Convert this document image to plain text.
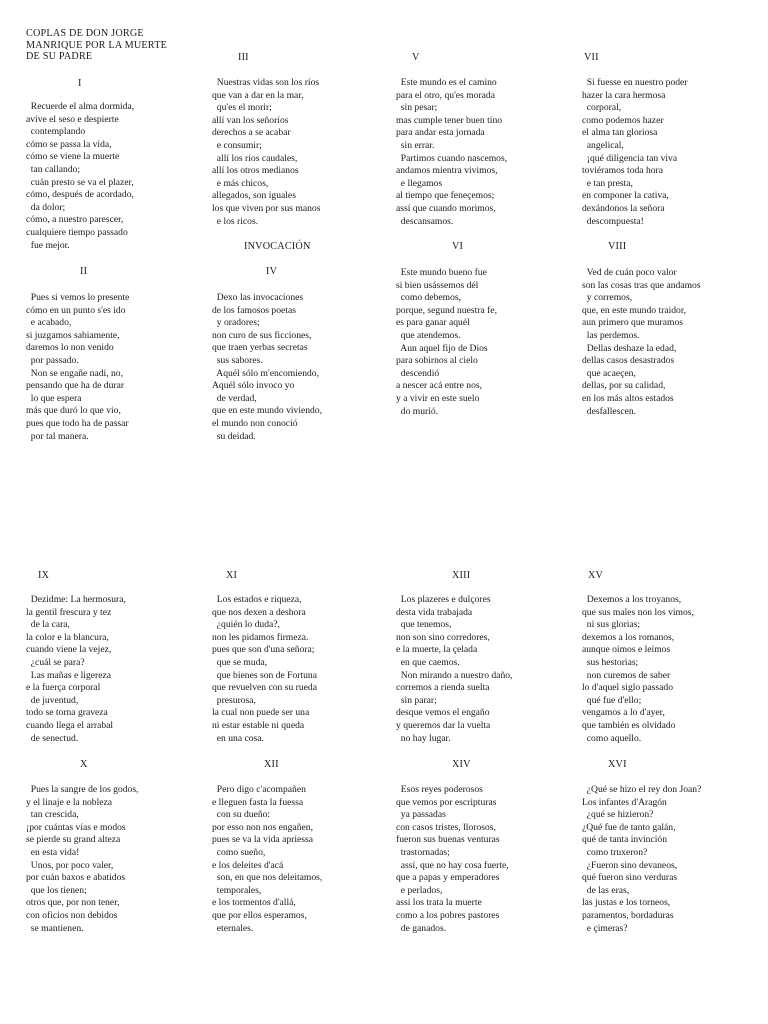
COPLAS DE DON JORGE
MANRIQUE POR LA MUERTE
DE SU PADRE
I
Recuerde el alma dormida,
avive el seso e despierte
contemplando
cómo se passa la vida,
cómo se viene la muerte
tan callando;
cuán presto se va el plazer,
cómo, después de acordado,
da dolor;
cómo, a nuestro parescer,
cualquiere tiempo passado
fue mejor.
II
Pues si vemos lo presente
cómo en un punto s'es ido
e acabado,
si juzgamos sabiamente,
daremos lo non venido
por passado.
Non se engañe nadi, no,
pensando que ha de durar
lo que espera
más que duró lo que vio,
pues que todo ha de passar
por tal manera.
III
Nuestras vidas son los ríos
que van a dar en la mar,
qu'es el morir;
allí van los señoríos
derechos a se acabar
e consumir;
allí los ríos caudales,
allí los otros medianos
e más chicos,
allegados, son iguales
los que viven por sus manos
e los ricos.
INVOCACIÓN
IV
Dexo las invocaciones
de los famosos poetas
y oradores;
non curo de sus ficciones,
que traen yerbas secretas
sus sabores.
Aquél sólo m'encomiendo,
Aquél sólo invoco yo
de verdad,
que en este mundo viviendo,
el mundo non conoció
su deidad.
V
Este mundo es el camino
para el otro, qu'es morada
sin pesar;
mas cumple tener buen tino
para andar esta jornada
sin errar.
Partimos cuando nascemos,
andamos mientra vivimos,
e llegamos
al tiempo que feneçemos;
assí que cuando morimos,
descansamos.
VI
Este mundo bueno fue
si bien usássemos dél
como debemos,
porque, segund nuestra fe,
es para ganar aquél
que atendemos.
Aun aquel fijo de Dios
para sobirnos al cielo
descendió
a nescer acá entre nos,
y a vivir en este suelo
do murió.
VII
Si fuesse en nuestro poder
hazer la cara hermosa
corporal,
como podemos hazer
el alma tan gloriosa
angelical,
¡qué diligencia tan viva
toviéramos toda hora
e tan presta,
en componer la cativa,
dexándonos la señora
descompuesta!
VIII
Ved de cuán poco valor
son las cosas tras que andamos
y corremos,
que, en este mundo traidor,
aun primero que muramos
las perdemos.
Dellas deshaze la edad,
dellas casos desastrados
que acaeçen,
dellas, por su calidad,
en los más altos estados
desfallescen.
IX
Dezidme: La hermosura,
la gentil frescura y tez
de la cara,
la color e la blancura,
cuando viene la vejez,
¿cuál se para?
Las mañas e ligereza
e la fuerça corporal
de juventud,
todo se torna graveza
cuando llega el arrabal
de senectud.
X
Pues la sangre de los godos,
y el linaje e la nobleza
tan crescida,
¡por cuántas vías e modos
se pierde su grand alteza
en esta vida!
Unos, por poco valer,
por cuán baxos e abatidos
que los tienen;
otros que, por non tener,
con oficios non debidos
se mantienen.
XI
Los estados e riqueza,
que nos dexen a deshora
¿quién lo duda?,
non les pidamos firmeza.
pues que son d'una señora;
que se muda,
que bienes son de Fortuna
que revuelven con su rueda
presurosa,
la cual non puede ser una
ni estar estable ni queda
en una cosa.
XII
Pero digo c'acompañen
e lleguen fasta la fuessa
con su dueño:
por esso non nos engañen,
pues se va la vida apriessa
como sueño,
e los deleites d'acá
son, en que nos deleitamos,
temporales,
e los tormentos d'allá,
que por ellos esperamos,
eternales.
XIII
Los plazeres e dulçores
desta vida trabajada
que tenemos,
non son sino corredores,
e la muerte, la çelada
en que caemos.
Non mirando a nuestro daño,
corremos a rienda suelta
sin parar;
desque vemos el engaño
y queremos dar la vuelta
no hay lugar.
XIV
Esos reyes poderosos
que vemos por escripturas
ya passadas
con casos tristes, llorosos,
fueron sus buenas venturas
trastornadas;
assí, que no hay cosa fuerte,
que a papas y emperadores
e perlados,
assí los trata la muerte
como a los pobres pastores
de ganados.
XV
Dexemos a los troyanos,
que sus males non los vimos,
ni sus glorias;
dexemos a los romanos,
aunque oímos e leímos
sus hestorias;
non curemos de saber
lo d'aquel siglo passado
qué fue d'ello;
vengamos a lo d'ayer,
que también es olvidado
como aquello.
XVI
¿Qué se hizo el rey don Joan?
Los infantes d'Aragón
¿qué se hizieron?
¿Qué fue de tanto galán,
qué de tanta invinción
como truxeron?
¿Fueron sino devaneos,
qué fueron sino verduras
de las eras,
las justas e los torneos,
paramentos, bordaduras
e çimeras?
